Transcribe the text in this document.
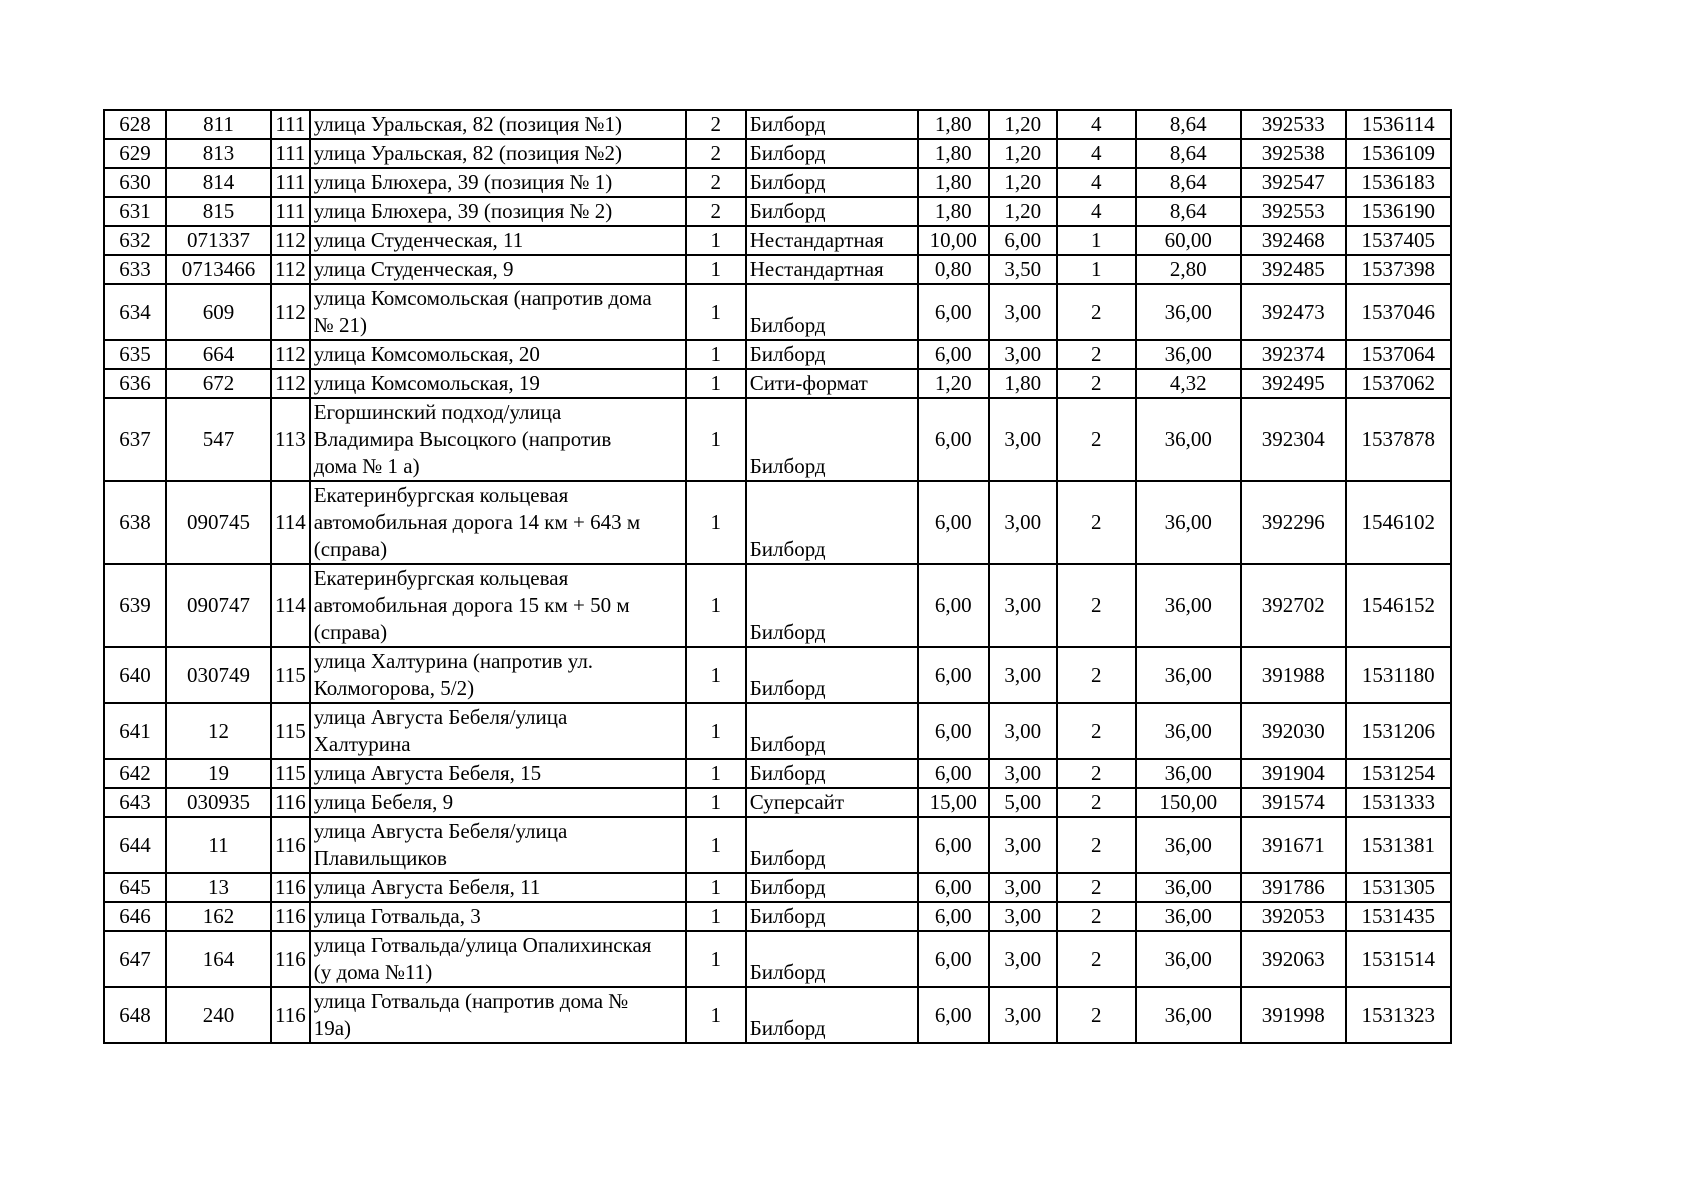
628	811	111	улица Уральская, 82 (позиция №1)	2	Билборд	1,80	1,20	4	8,64	392533	1536114
629	813	111	улица Уральская, 82 (позиция №2)	2	Билборд	1,80	1,20	4	8,64	392538	1536109
630	814	111	улица Блюхера, 39 (позиция № 1)	2	Билборд	1,80	1,20	4	8,64	392547	1536183
631	815	111	улица Блюхера, 39 (позиция № 2)	2	Билборд	1,80	1,20	4	8,64	392553	1536190
632	071337	112	улица Студенческая, 11	1	Нестандартная	10,00	6,00	1	60,00	392468	1537405
633	0713466	112	улица Студенческая, 9	1	Нестандартная	0,80	3,50	1	2,80	392485	1537398
634	609	112	улица Комсомольская (напротив дома
№ 21)	1	Билборд	6,00	3,00	2	36,00	392473	1537046
635	664	112	улица Комсомольская, 20	1	Билборд	6,00	3,00	2	36,00	392374	1537064
636	672	112	улица Комсомольская, 19	1	Сити-формат	1,20	1,80	2	4,32	392495	1537062
637	547	113	Егоршинский подход/улица
Владимира Высоцкого (напротив
дома № 1 а)	1	Билборд	6,00	3,00	2	36,00	392304	1537878
638	090745	114	Екатеринбургская кольцевая
автомобильная дорога 14 км + 643 м
(справа)	1	Билборд	6,00	3,00	2	36,00	392296	1546102
639	090747	114	Екатеринбургская кольцевая
автомобильная дорога 15 км + 50 м
(справа)	1	Билборд	6,00	3,00	2	36,00	392702	1546152
640	030749	115	улица Халтурина (напротив ул.
Колмогорова, 5/2)	1	Билборд	6,00	3,00	2	36,00	391988	1531180
641	12	115	улица Августа Бебеля/улица
Халтурина	1	Билборд	6,00	3,00	2	36,00	392030	1531206
642	19	115	улица Августа Бебеля, 15	1	Билборд	6,00	3,00	2	36,00	391904	1531254
643	030935	116	улица Бебеля, 9	1	Суперсайт	15,00	5,00	2	150,00	391574	1531333
644	11	116	улица Августа Бебеля/улица
Плавильщиков	1	Билборд	6,00	3,00	2	36,00	391671	1531381
645	13	116	улица Августа Бебеля, 11	1	Билборд	6,00	3,00	2	36,00	391786	1531305
646	162	116	улица Готвальда, 3	1	Билборд	6,00	3,00	2	36,00	392053	1531435
647	164	116	улица Готвальда/улица Опалихинская
(у дома №11)	1	Билборд	6,00	3,00	2	36,00	392063	1531514
648	240	116	улица Готвальда (напротив дома №
19а)	1	Билборд	6,00	3,00	2	36,00	391998	1531323
